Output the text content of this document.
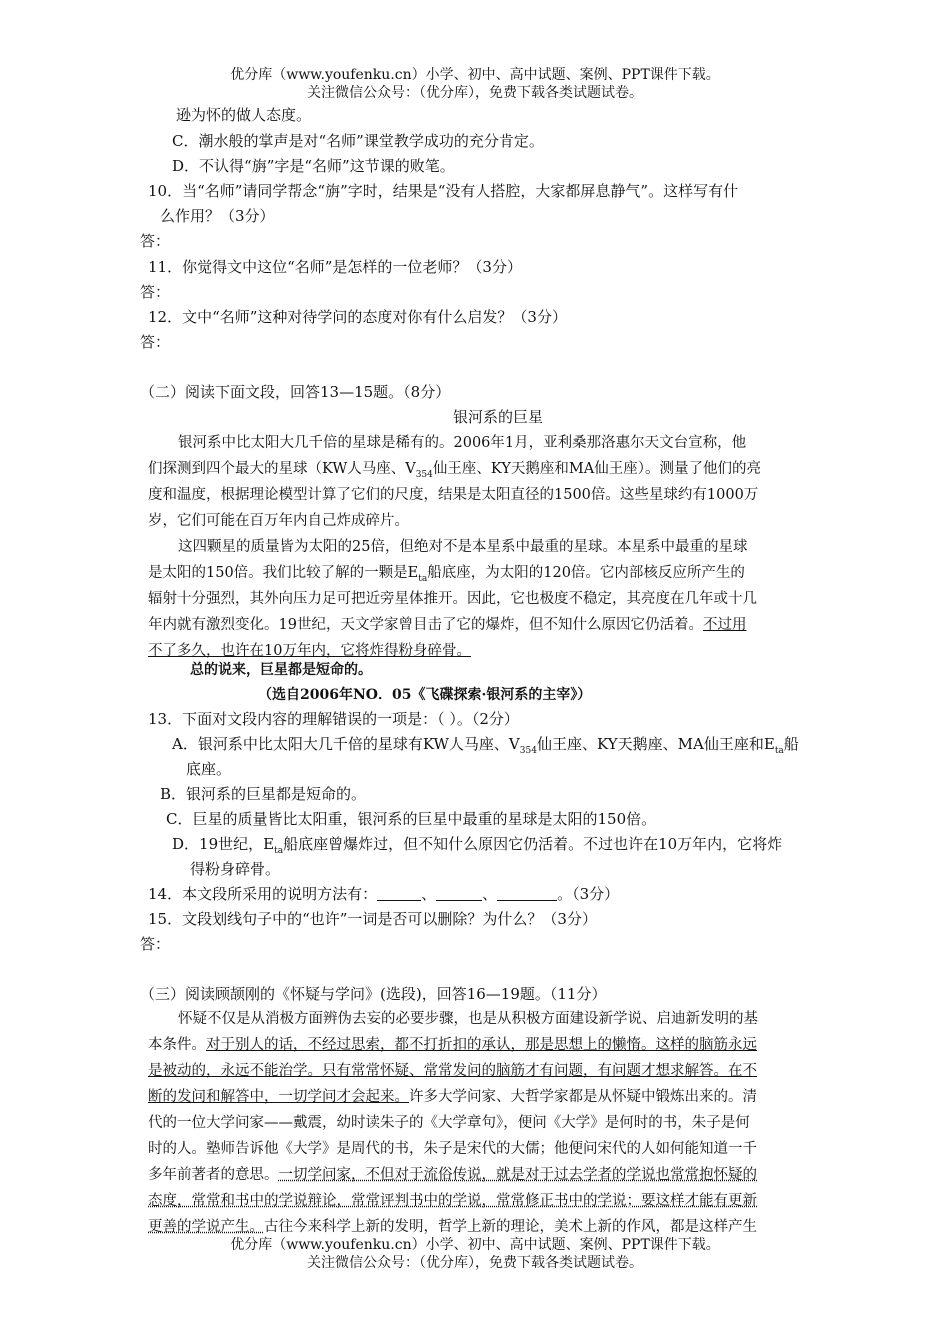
优分库（www.youfenku.cn）小学、初中、高中试题、案例、PPT课件下载。
关注微信公众号：（优分库），免费下载各类试题试卷。
逊为怀的做人态度。
C．潮水般的掌声是对“名师”课堂教学成功的充分肯定。
D．不认得“旃”字是“名师”这节课的败笔。
10．当“名师”请同学帮念“旃”字时，结果是“没有人搭腔，大家都屏息静气”。这样写有什
么作用？（3分）
答：
11．你觉得文中这位“名师”是怎样的一位老师？（3分）
答：
12．文中“名师”这种对待学问的态度对你有什么启发？（3分）
答：
（二）阅读下面文段，回答13—15题。（8分）
银河系的巨星
银河系中比太阳大几千倍的星球是稀有的。2006年1月，亚利桑那洛惠尔天文台宣称，他
们探测到四个最大的星球（KW人马座、$V_{354}$仙王座、KY天鹅座和MA仙王座）。测量了他们的亮
度和温度，根据理论模型计算了它们的尺度，结果是太阳直径的1500倍。这些星球约有1000万
岁，它们可能在百万年内自己炸成碎片。
这四颗星的质量皆为太阳的25倍，但绝对不是本星系中最重的星球。本星系中最重的星球
是太阳的150倍。我们比较了解的一颗是$E_{ta}$船底座，为太阳的120倍。它内部核反应所产生的
辐射十分强烈，其外向压力足可把近旁星体推开。因此，它也极度不稳定，其亮度在几年或十几
年内就有激烈变化。19世纪，天文学家曾目击了它的爆炸，但不知什么原因它仍活着。不过用
不了多久，也许在10万年内，它将炸得粉身碎骨。
总的说来，巨星都是短命的。
（选自2006年NO．05《飞碟探索·银河系的主宰》）
13．下面对文段内容的理解错误的一项是：（ ）。（2分）
A．银河系中比太阳大几千倍的星球有KW人马座、$V_{354}$仙王座、KY天鹅座、MA仙王座和$E_{ta}$船
底座。
B．银河系的巨星都是短命的。
C．巨星的质量皆比太阳重，银河系的巨星中最重的星球是太阳的150倍。
D．19世纪，$E_{ta}$船底座曾爆炸过，但不知什么原因它仍活着。不过也许在10万年内，它将炸
得粉身碎骨。
14．本文段所采用的说明方法有：	、	、	。（3分）
15．文段划线句子中的“也许”一词是否可以删除？为什么？（3分）
答：
（三）阅读顾颉刚的《怀疑与学问》(选段)，回答16—19题。（11分）
怀疑不仅是从消极方面辨伪去妄的必要步骤，也是从积极方面建设新学说、启迪新发明的基
本条件。对于别人的话，不经过思索，都不打折扣的承认，那是思想上的懒惰。这样的脑筋永远
是被动的，永远不能治学。只有常常怀疑、常常发问的脑筋才有问题，有问题才想求解答。在不
断的发问和解答中，一切学问才会起来。许多大学问家、大哲学家都是从怀疑中锻炼出来的。清
代的一位大学问家——戴震，幼时读朱子的《大学章句》，便问《大学》是何时的书，朱子是何
时的人。塾师告诉他《大学》是周代的书，朱子是宋代的大儒；他便问宋代的人如何能知道一千
多年前著者的意思。一切学问家，不但对于流俗传说，就是对于过去学者的学说也常常抱怀疑的
态度，常常和书中的学说辩论，常常评判书中的学说，常常修正书中的学说；要这样才能有更新
更善的学说产生。古往今来科学上新的发明，哲学上新的理论，美术上新的作风，都是这样产生
优分库（www.youfenku.cn）小学、初中、高中试题、案例、PPT课件下载。
关注微信公众号：（优分库），免费下载各类试题试卷。
